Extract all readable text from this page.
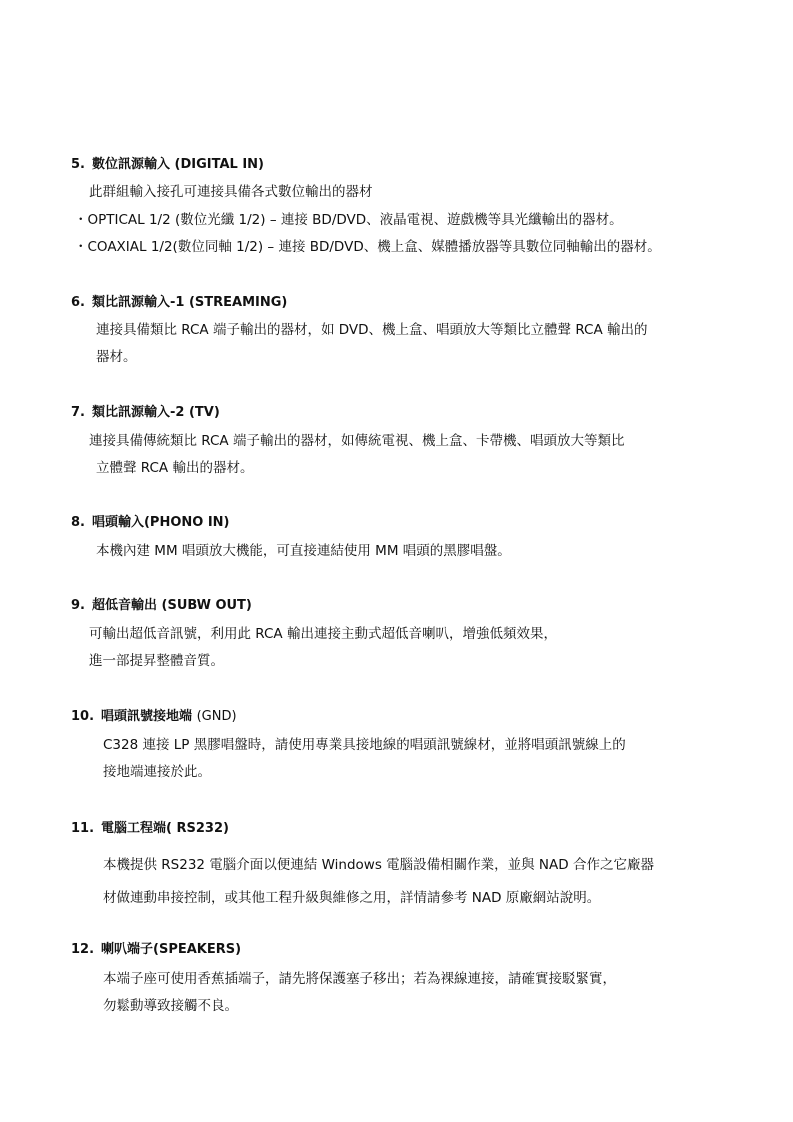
5. 數位訊源輸入 (DIGITAL IN)
此群組輸入接孔可連接具備各式數位輸出的器材
・OPTICAL 1/2 (數位光纖 1/2) – 連接 BD/DVD、液晶電視、遊戲機等具光纖輸出的器材。
・COAXIAL 1/2(數位同軸 1/2) – 連接 BD/DVD、機上盒、媒體播放器等具數位同軸輸出的器材。
6. 類比訊源輸入-1 (STREAMING)
連接具備類比 RCA 端子輸出的器材，如 DVD、機上盒、唱頭放大等類比立體聲 RCA 輸出的
器材。
7. 類比訊源輸入-2 (TV)
連接具備傳統類比 RCA 端子輸出的器材，如傳統電視、機上盒、卡帶機、唱頭放大等類比
立體聲 RCA 輸出的器材。
8. 唱頭輸入(PHONO IN)
本機內建 MM 唱頭放大機能，可直接連結使用 MM 唱頭的黑膠唱盤。
9. 超低音輸出 (SUBW OUT)
可輸出超低音訊號，利用此 RCA 輸出連接主動式超低音喇叭，增強低頻效果，
進一部提昇整體音質。
10. 唱頭訊號接地端 (GND)
C328 連接 LP 黑膠唱盤時，請使用專業具接地線的唱頭訊號線材，並將唱頭訊號線上的
接地端連接於此。
11. 電腦工程端( RS232)
本機提供 RS232 電腦介面以便連結 Windows 電腦設備相關作業，並與 NAD 合作之它廠器
材做連動串接控制，或其他工程升級與維修之用，詳情請參考 NAD 原廠網站說明。
12. 喇叭端子(SPEAKERS)
本端子座可使用香蕉插端子，請先將保護塞子移出；若為裸線連接，請確實接駁緊實，
勿鬆動導致接觸不良。
